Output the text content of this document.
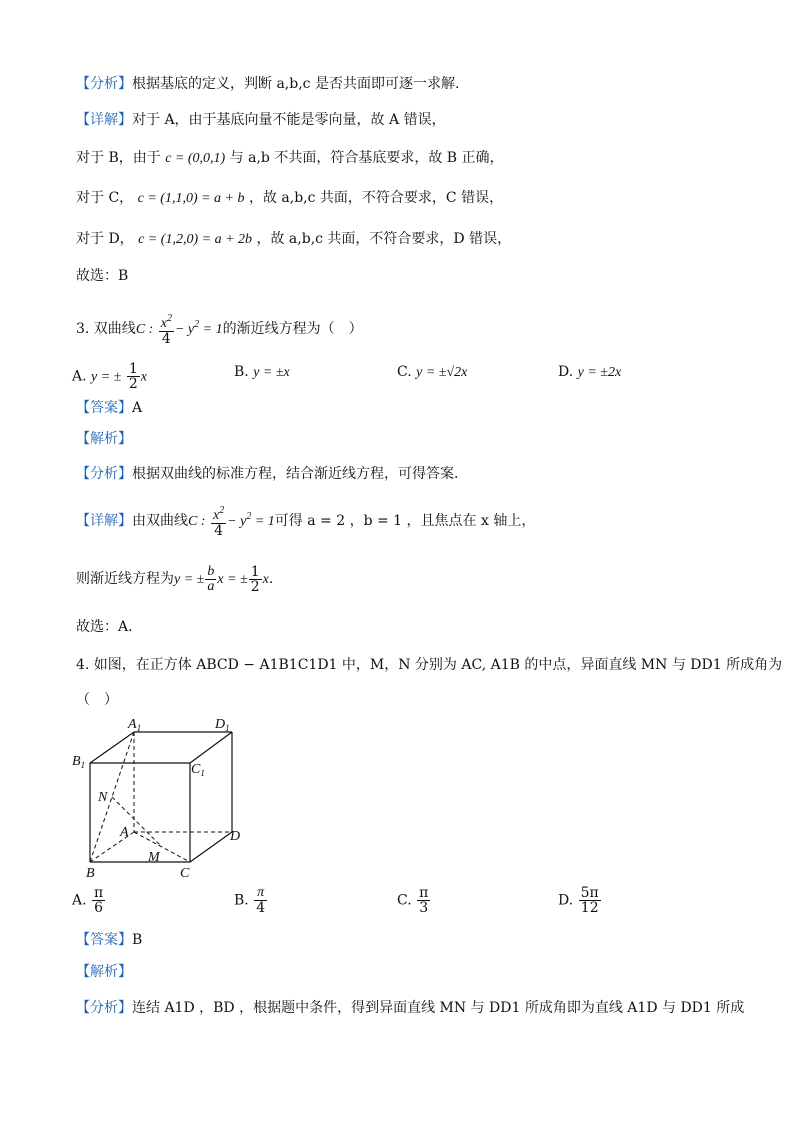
【分析】根据基底的定义，判断 a,b,c 是否共面即可逐一求解.
【详解】对于 A，由于基底向量不能是零向量，故 A 错误，
对于 B，由于 c = (0,0,1) 与 a,b 不共面，符合基底要求，故 B 正确，
对于 C， c = (1,1,0) = a + b ，故 a,b,c 共面，不符合要求，C 错误，
对于 D， c = (1,2,0) = a + 2b ，故 a,b,c 共面，不符合要求，D 错误，
故选：B
3. 双曲线C : $\frac{x^2}{4} - y^2 = 1$的渐近线方程为（　）
A. y = ± $\frac{1}{2}$ x	B. y = ±x	C. y = ±√2x	D. y = ±2x
【答案】A
【解析】
【分析】根据双曲线的标准方程，结合渐近线方程，可得答案.
【详解】由双曲线C : $\frac{x^2}{4} - y^2 = 1$可得 a = 2 ，b = 1 ，且焦点在 x 轴上，
则渐近线方程为y = ± $\frac{b}{a}$ x = ± $\frac{1}{2} x$.
故选：A.
4. 如图，在正方体 ABCD − A1B1C1D1 中，M，N 分别为 AC, A1B 的中点，异面直线 MN 与 DD1 所成角为
（　）
$A_1$	$D_1$
$B_1$	$C_1$
N
A	D
M
B	C
A. $\frac{\pi}{6}$	B. $\frac{\pi}{4}$	C. $\frac{\pi}{3}$	D. $\frac{5\pi}{12}$
【答案】B
【解析】
【分析】连结 A1D ，BD ，根据题中条件，得到异面直线 MN 与 DD1 所成角即为直线 A1D 与 DD1 所成
